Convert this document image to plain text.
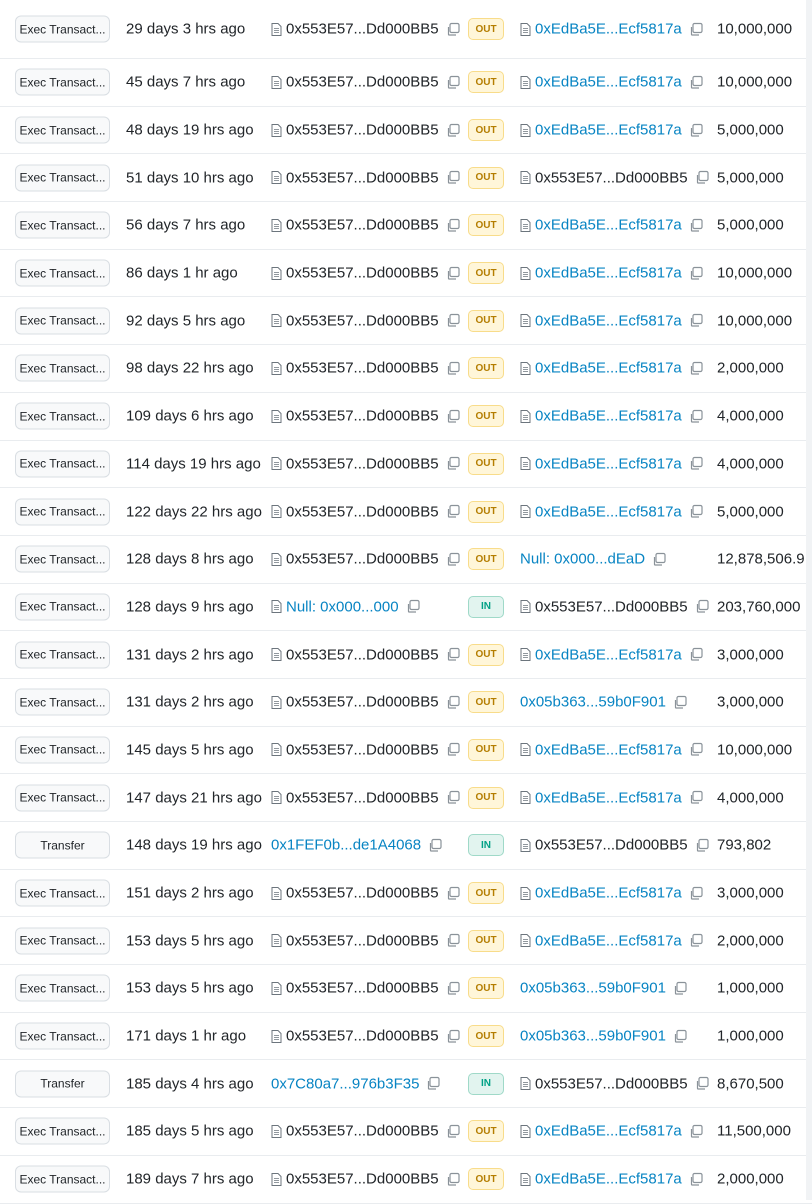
Exec Transact... 29 days 3 hrs ago	0x553E57...Dd000BB5	OUT	0xEdBa5E...Ecf5817a 10,000,000
Exec Transact... 45 days 7 hrs ago	0x553E57...Dd000BB5	OUT	0xEdBa5E...Ecf5817a 10,000,000
Exec Transact... 48 days 19 hrs ago 0x553E57...Dd000BB5	OUT	0xEdBa5E...Ecf5817a 5,000,000
Exec Transact... 51 days 10 hrs ago 0x553E57...Dd000BB5	OUT	0x553E57...Dd000BB5 5,000,000
Exec Transact... 56 days 7 hrs ago	0x553E57...Dd000BB5	OUT	0xEdBa5E...Ecf5817a 5,000,000
Exec Transact... 86 days 1 hr ago	0x553E57...Dd000BB5	OUT	0xEdBa5E...Ecf5817a 10,000,000
Exec Transact... 92 days 5 hrs ago	0x553E57...Dd000BB5	OUT	0xEdBa5E...Ecf5817a 10,000,000
Exec Transact... 98 days 22 hrs ago 0x553E57...Dd000BB5	OUT	0xEdBa5E...Ecf5817a 2,000,000
Exec Transact... 109 days 6 hrs ago 0x553E57...Dd000BB5	OUT	0xEdBa5E...Ecf5817a 4,000,000
Exec Transact... 114 days 19 hrs ago 0x553E57...Dd000BB5	OUT	0xEdBa5E...Ecf5817a 4,000,000
Exec Transact... 122 days 22 hrs ago 0x553E57...Dd000BB5	OUT	0xEdBa5E...Ecf5817a 5,000,000
Exec Transact... 128 days 8 hrs ago 0x553E57...Dd000BB5	OUT	Null: 0x000...dEaD	12,878,506.9
Exec Transact... 128 days 9 hrs ago Null: 0x000...000	IN	0x553E57...Dd000BB5 203,760,000
Exec Transact... 131 days 2 hrs ago 0x553E57...Dd000BB5	OUT	0xEdBa5E...Ecf5817a 3,000,000
Exec Transact... 131 days 2 hrs ago 0x553E57...Dd000BB5	OUT	0x05b363...59b0F901	3,000,000
Exec Transact... 145 days 5 hrs ago 0x553E57...Dd000BB5	OUT	0xEdBa5E...Ecf5817a 10,000,000
Exec Transact... 147 days 21 hrs ago 0x553E57...Dd000BB5	OUT	0xEdBa5E...Ecf5817a 4,000,000
Transfer	148 days 19 hrs ago 0x1FEF0b...de1A4068	IN	0x553E57...Dd000BB5 793,802
Exec Transact... 151 days 2 hrs ago 0x553E57...Dd000BB5	OUT	0xEdBa5E...Ecf5817a 3,000,000
Exec Transact... 153 days 5 hrs ago 0x553E57...Dd000BB5	OUT	0xEdBa5E...Ecf5817a 2,000,000
Exec Transact... 153 days 5 hrs ago 0x553E57...Dd000BB5	OUT	0x05b363...59b0F901	1,000,000
Exec Transact... 171 days 1 hr ago	0x553E57...Dd000BB5	OUT	0x05b363...59b0F901	1,000,000
Transfer	185 days 4 hrs ago 0x7C80a7...976b3F35	IN	0x553E57...Dd000BB5 8,670,500
Exec Transact... 185 days 5 hrs ago 0x553E57...Dd000BB5	OUT	0xEdBa5E...Ecf5817a 11,500,000
Exec Transact... 189 days 7 hrs ago 0x553E57...Dd000BB5	OUT	0xEdBa5E...Ecf5817a 2,000,000
